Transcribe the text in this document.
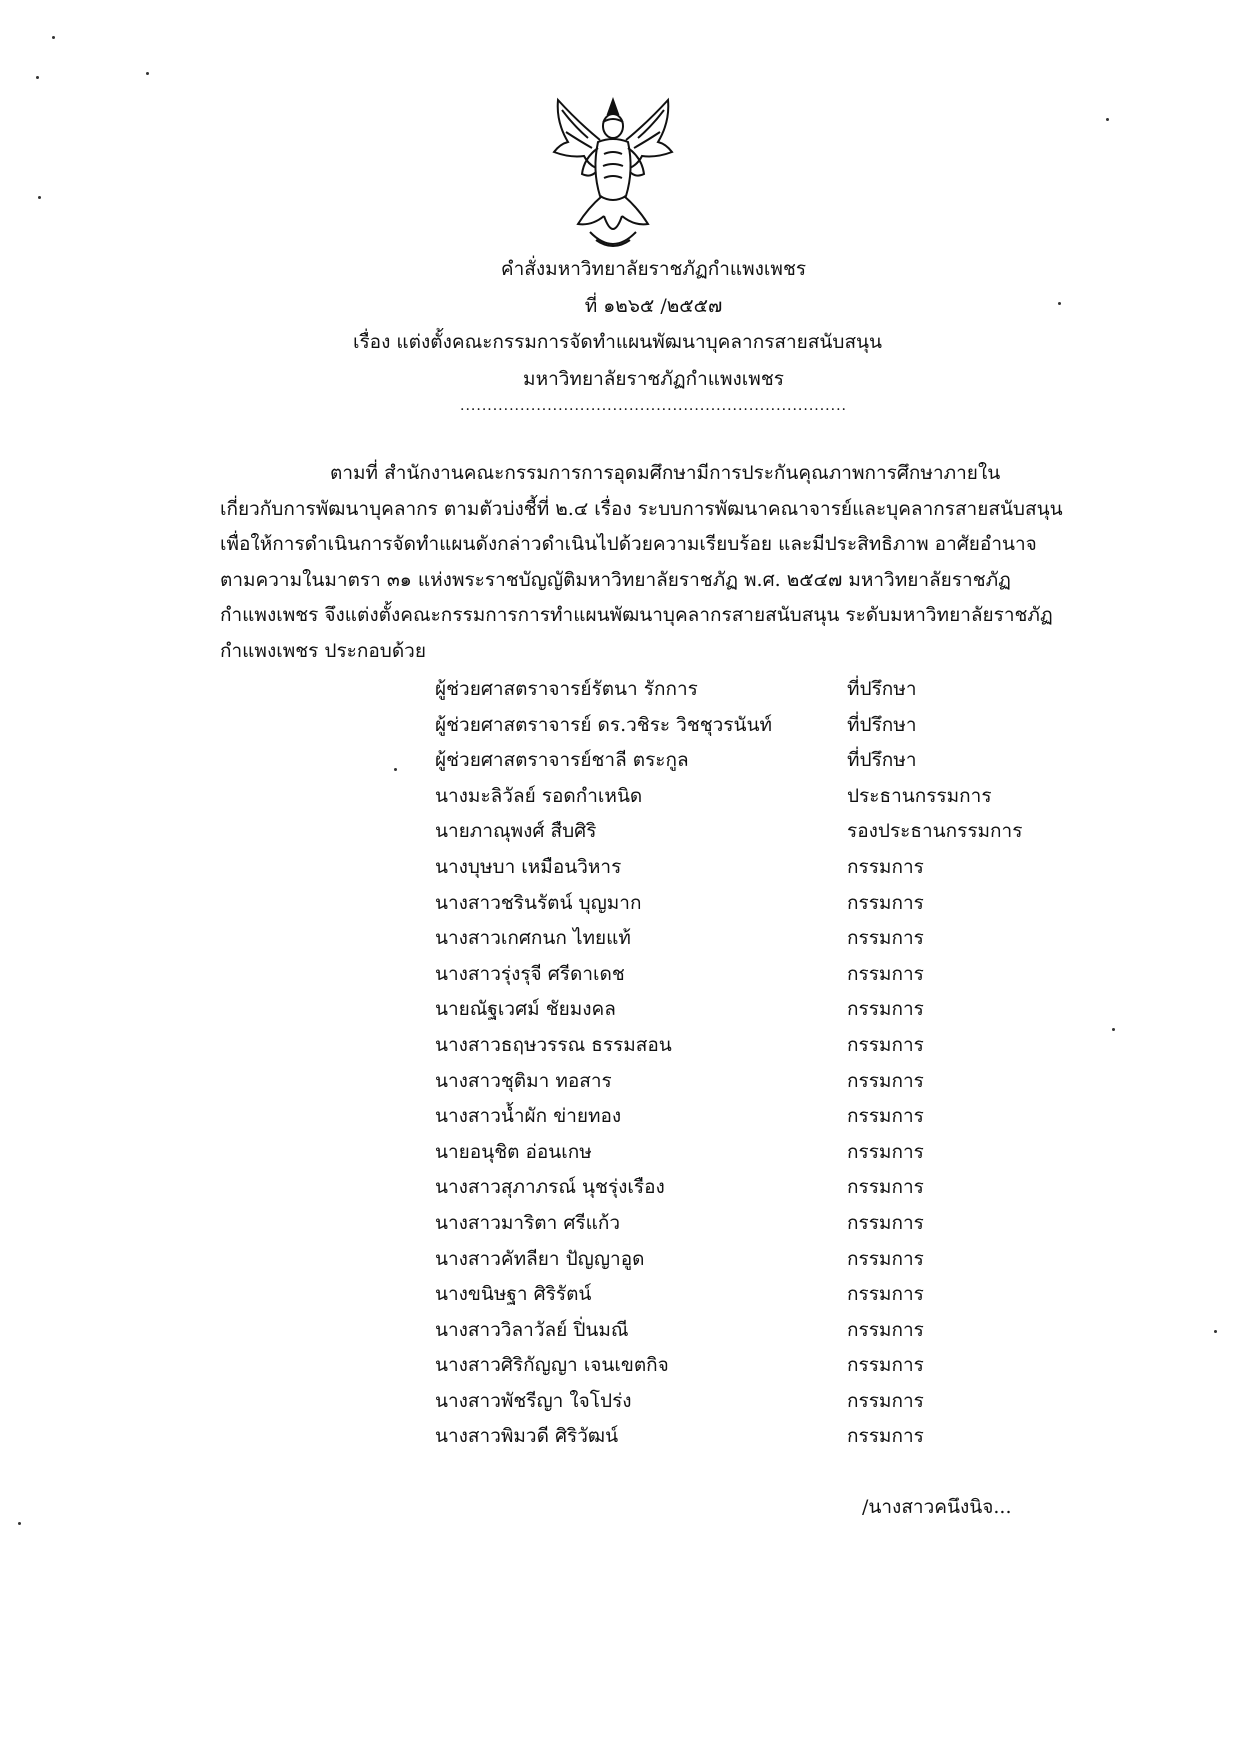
คำสั่งมหาวิทยาลัยราชภัฏกำแพงเพชร
ที่ ๑๒๖๕ /๒๕๕๗
เรื่อง แต่งตั้งคณะกรรมการจัดทำแผนพัฒนาบุคลากรสายสนับสนุน
มหาวิทยาลัยราชภัฏกำแพงเพชร
.......................................................................

ตามที่ สำนักงานคณะกรรมการการอุดมศึกษามีการประกันคุณภาพการศึกษาภายใน

เกี่ยวกับการพัฒนาบุคลากร ตามตัวบ่งชี้ที่ ๒.๔ เรื่อง ระบบการพัฒนาคณาจารย์และบุคลากรสายสนับสนุน

เพื่อให้การดำเนินการจัดทำแผนดังกล่าวดำเนินไปด้วยความเรียบร้อย และมีประสิทธิภาพ อาศัยอำนาจ

ตามความในมาตรา ๓๑ แห่งพระราชบัญญัติมหาวิทยาลัยราชภัฏ พ.ศ. ๒๕๔๗ มหาวิทยาลัยราชภัฏ

กำแพงเพชร จึงแต่งตั้งคณะกรรมการการทำแผนพัฒนาบุคลากรสายสนับสนุน ระดับมหาวิทยาลัยราชภัฏ

กำแพงเพชร ประกอบด้วย

ผู้ช่วยศาสตราจารย์รัตนา รักการ	ที่ปรึกษา
ผู้ช่วยศาสตราจารย์ ดร.วชิระ วิชชุวรนันท์	ที่ปรึกษา
ผู้ช่วยศาสตราจารย์ชาลี ตระกูล	ที่ปรึกษา
นางมะลิวัลย์ รอดกำเหนิด	ประธานกรรมการ
นายภาณุพงศ์ สืบศิริ	รองประธานกรรมการ
นางบุษบา เหมือนวิหาร	กรรมการ
นางสาวชรินรัตน์ บุญมาก	กรรมการ
นางสาวเกศกนก ไทยแท้	กรรมการ
นางสาวรุ่งรุจี ศรีดาเดช	กรรมการ
นายณัฐเวศม์ ชัยมงคล	กรรมการ
นางสาวธฤษวรรณ ธรรมสอน	กรรมการ
นางสาวชุติมา ทอสาร	กรรมการ
นางสาวน้ำผัก ข่ายทอง	กรรมการ
นายอนุชิต อ่อนเกษ	กรรมการ
นางสาวสุภาภรณ์ นุชรุ่งเรือง	กรรมการ
นางสาวมาริตา ศรีแก้ว	กรรมการ
นางสาวคัทลียา ปัญญาอูด	กรรมการ
นางขนิษฐา ศิริรัตน์	กรรมการ
นางสาววิลาวัลย์ ปิ่นมณี	กรรมการ
นางสาวศิริกัญญา เจนเขตกิจ	กรรมการ
นางสาวพัชรีญา ใจโปร่ง	กรรมการ
นางสาวพิมวดี ศิริวัฒน์	กรรมการ
/นางสาวคนึงนิจ...
